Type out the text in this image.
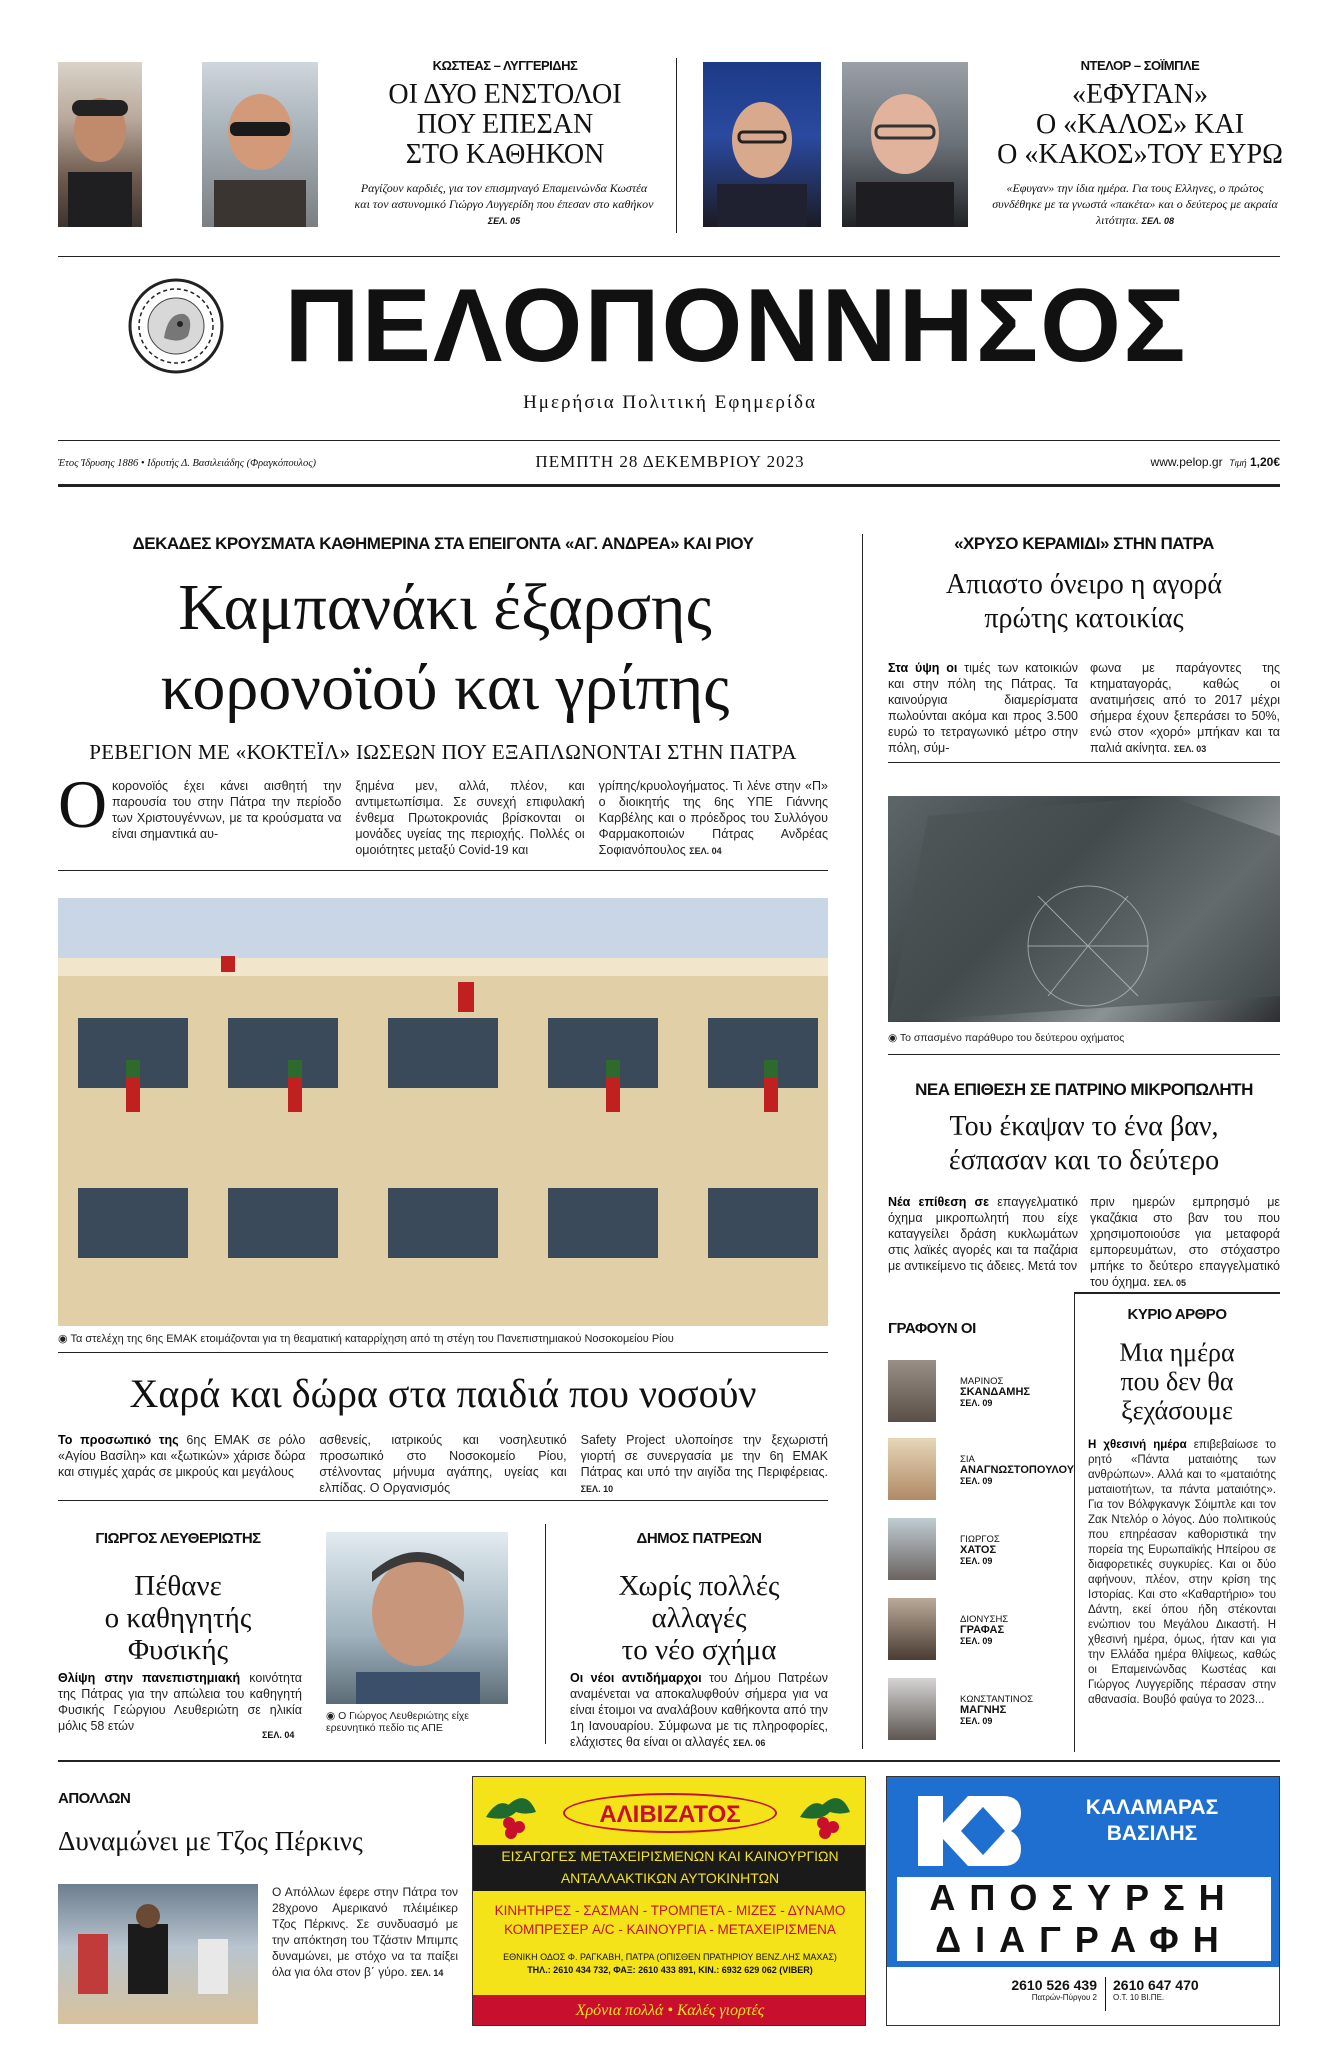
ΚΩΣΤΕΑΣ – ΛΥΓΓΕΡΙΔΗΣ
ΟΙ ΔΥΟ ΕΝΣΤΟΛΟΙ
ΠΟΥ ΕΠΕΣΑΝ
ΣΤΟ ΚΑΘΗΚΟΝ
Ραγίζουν καρδιές, για τον επισμηναγό Επαμεινώνδα Κωστέα και τον αστυνομικό Γιώργο Λυγγερίδη που έπεσαν στο καθήκον ΣΕΛ. 05
ΝΤΕΛΟΡ – ΣΟΪΜΠΛΕ
«ΕΦΥΓΑΝ»
Ο «ΚΑΛΟΣ» ΚΑΙ
Ο «ΚΑΚΟΣ»ΤΟΥ ΕΥΡΩ
«Εφυγαν» την ίδια ημέρα. Για τους Ελληνες, ο πρώτος συνδέθηκε με τα γνωστά «πακέτα» και ο δεύτερος με ακραία λιτότητα. ΣΕΛ. 08
ΠΕΛΟΠΟΝΝΗΣΟΣ
Ημερήσια Πολιτική Εφημερίδα
Έτος Ίδρυσης 1886 • Ιδρυτής Δ. Βασιλειάδης (Φραγκόπουλος)	ΠΕΜΠΤΗ 28 ΔΕΚΕΜΒΡΙΟΥ 2023	www.pelop.gr Τιμή 1,20€
ΔΕΚΑΔΕΣ ΚΡΟΥΣΜΑΤΑ ΚΑΘΗΜΕΡΙΝΑ ΣΤΑ ΕΠΕΙΓΟΝΤΑ «ΑΓ. ΑΝΔΡΕΑ» ΚΑΙ ΡΙΟΥ
Καμπανάκι έξαρσης
κορονοϊού και γρίπης
ΡΕΒΕΓΙΟΝ ΜΕ «ΚΟΚΤΕΪΛ» ΙΩΣΕΩΝ ΠΟΥ ΕΞΑΠΛΩΝΟΝΤΑΙ ΣΤΗΝ ΠΑΤΡΑ
Ο κορονοϊός έχει κάνει αισθητή την παρουσία του στην Πάτρα την περίοδο των Χριστουγέννων, με τα κρούσματα να είναι σημαντικά αυ-
ξημένα μεν, αλλά, πλέον, και αντιμετωπίσιμα. Σε συνεχή επιφυλακή ένθεμα Πρωτοκρονιάς βρίσκονται οι μονάδες υγείας της περιοχής. Πολλές οι ομοιότητες μεταξύ Covid-19 και
γρίπης/κρυολογήματος. Τι λένε στην «Π» ο διοικητής της 6ης ΥΠΕ Γιάννης Καρβέλης και ο πρόεδρος του Συλλόγου Φαρμακοποιών Πάτρας Ανδρέας Σοφιανόπουλος ΣΕΛ. 04
◉ Τα στελέχη της 6ης ΕΜΑΚ ετοιμάζονται για τη θεαματική καταρρίχηση από τη στέγη του Πανεπιστημιακού Νοσοκομείου Ρίου
Χαρά και δώρα στα παιδιά που νοσούν
Το προσωπικό της 6ης ΕΜΑΚ σε ρόλο «Αγίου Βασίλη» και «ξωτικών» χάρισε δώρα και στιγμές χαράς σε μικρούς και μεγάλους
ασθενείς, ιατρικούς και νοσηλευτικό προσωπικό στο Νοσοκομείο Ρίου, στέλνοντας μήνυμα αγάπης, υγείας και ελπίδας. Ο Οργανισμός
Safety Project υλοποίησε την ξεχωριστή γιορτή σε συνεργασία με την 6η ΕΜΑΚ Πάτρας και υπό την αιγίδα της Περιφέρειας. ΣΕΛ. 10
ΓΙΩΡΓΟΣ ΛΕΥΘΕΡΙΩΤΗΣ
Πέθανε
ο καθηγητής
Φυσικής
Θλίψη στην πανεπιστημιακή κοινότητα της Πάτρας για την απώλεια του καθηγητή Φυσικής Γεώργιου Λευθεριώτη σε ηλικία μόλις 58 ετών
ΣΕΛ. 04
◉ Ο Γιώργος Λευθεριώτης είχε ερευνητικό πεδίο τις ΑΠΕ
ΔΗΜΟΣ ΠΑΤΡΕΩΝ
Χωρίς πολλές
αλλαγές
το νέο σχήμα
Οι νέοι αντιδήμαρχοι του Δήμου Πατρέων αναμένεται να αποκαλυφθούν σήμερα για να είναι έτοιμοι να αναλάβουν καθήκοντα από την 1η Ιανουαρίου. Σύμφωνα με τις πληροφορίες, ελάχιστες θα είναι οι αλλαγές ΣΕΛ. 06
«ΧΡΥΣΟ ΚΕΡΑΜΙΔΙ» ΣΤΗΝ ΠΑΤΡΑ
Απιαστο όνειρο η αγορά
πρώτης κατοικίας
Στα ύψη οι τιμές των κατοικιών και στην πόλη της Πάτρας. Τα καινούργια διαμερίσματα πωλούνται ακόμα και προς 3.500 ευρώ το τετραγωνικό μέτρο στην πόλη, σύμ-
φωνα με παράγοντες της κτηματαγοράς, καθώς οι ανατιμήσεις από το 2017 μέχρι σήμερα έχουν ξεπεράσει το 50%, ενώ στον «χορό» μπήκαν και τα παλιά ακίνητα. ΣΕΛ. 03
◉ Το σπασμένο παράθυρο του δεύτερου οχήματος
ΝΕΑ ΕΠΙΘΕΣΗ ΣΕ ΠΑΤΡΙΝΟ ΜΙΚΡΟΠΩΛΗΤΗ
Του έκαψαν το ένα βαν,
έσπασαν και το δεύτερο
Νέα επίθεση σε επαγγελματικό όχημα μικροπωλητή που είχε καταγγείλει δράση κυκλωμάτων στις λαϊκές αγορές και τα παζάρια με αντικείμενο τις άδειες. Μετά τον
πριν ημερών εμπρησμό με γκαζάκια στο βαν του που χρησιμοποιούσε για μεταφορά εμπορευμάτων, στο στόχαστρο μπήκε το δεύτερο επαγγελματικό του όχημα. ΣΕΛ. 05
ΓΡΑΦΟΥΝ ΟΙ
ΜΑΡΙΝΟΣ
ΣΚΑΝΔΑΜΗΣ
ΣΕΛ. 09
ΣΙΑ
ΑΝΑΓΝΩΣΤΟΠΟΥΛΟΥ
ΣΕΛ. 09
ΓΙΩΡΓΟΣ
ΧΑΤΟΣ
ΣΕΛ. 09
ΔΙΟΝΥΣΗΣ
ΓΡΑΦΑΣ
ΣΕΛ. 09
ΚΩΝΣΤΑΝΤΙΝΟΣ
ΜΑΓΝΗΣ
ΣΕΛ. 09
ΚΥΡΙΟ ΑΡΘΡΟ
Μια ημέρα
που δεν θα
ξεχάσουμε
Η χθεσινή ημέρα επιβεβαίωσε το ρητό «Πάντα ματαιότης των ανθρώπων». Αλλά και το «ματαιότης ματαιοτήτων, τα πάντα ματαιότης». Για τον Βόλφγκανγκ Σόιμπλε και τον Ζακ Ντελόρ ο λόγος. Δύο πολιτικούς που επηρέασαν καθοριστικά την πορεία της Ευρωπαϊκής Ηπείρου σε διαφορετικές συγκυρίες. Και οι δύο αφήνουν, πλέον, στην κρίση της Ιστορίας. Και στο «Καθαρτήριο» του Δάντη, εκεί όπου ήδη στέκονται ενώπιον του Μεγάλου Δικαστή. Η χθεσινή ημέρα, όμως, ήταν και για την Ελλάδα ημέρα θλίψεως, καθώς οι Επαμεινώνδας Κωστέας και Γιώργος Λυγγερίδης πέρασαν στην αθανασία. Βουβό φαύγα το 2023...
ΑΠΟΛΛΩΝ
Δυναμώνει με Τζος Πέρκινς
Ο Απόλλων έφερε στην Πάτρα τον 28χρονο Αμερικανό πλέιμέικερ Τζος Πέρκινς. Σε συνδυασμό με την απόκτηση του Τζάστιν Μπιμπς δυναμώνει, με στόχο να τα παίξει όλα για όλα στον β΄ γύρο. ΣΕΛ. 14
ΑΛΙΒΙΖΑΤΟΣ
ΕΙΣΑΓΩΓΕΣ ΜΕΤΑΧΕΙΡΙΣΜΕΝΩΝ ΚΑΙ ΚΑΙΝΟΥΡΓΙΩΝ
ΑΝΤΑΛΛΑΚΤΙΚΩΝ ΑΥΤΟΚΙΝΗΤΩΝ
ΚΙΝΗΤΗΡΕΣ - ΣΑΣΜΑΝ - ΤΡΟΜΠΕΤΑ - ΜΙΖΕΣ - ΔΥΝΑΜΟ
ΚΟΜΠΡΕΣΕΡ A/C - ΚΑΙΝΟΥΡΓΙΑ - ΜΕΤΑΧΕΙΡΙΣΜΕΝΑ
ΕΘΝΙΚΗ ΟΔΟΣ Φ. ΡΑΓΚΑΒΗ, ΠΑΤΡΑ (ΟΠΙΣΘΕΝ ΠΡΑΤΗΡΙΟΥ ΒΕΝΖ.ΛΗΣ ΜΑΧΑΣ)
ΤΗΛ.: 2610 434 732, ΦΑΞ: 2610 433 891, ΚΙΝ.: 6932 629 062 (VIBER)
Χρόνια πολλά • Καλές γιορτές
ΚΑΛΑΜΑΡΑΣ
ΒΑΣΙΛΗΣ
ΑΠΟΣΥΡΣΗ
ΔΙΑΓΡΑΦΗ
2610 526 439
Πατρών-Πύργου 2
2610 647 470
Ο.Τ. 10 ΒΙ.ΠΕ.
